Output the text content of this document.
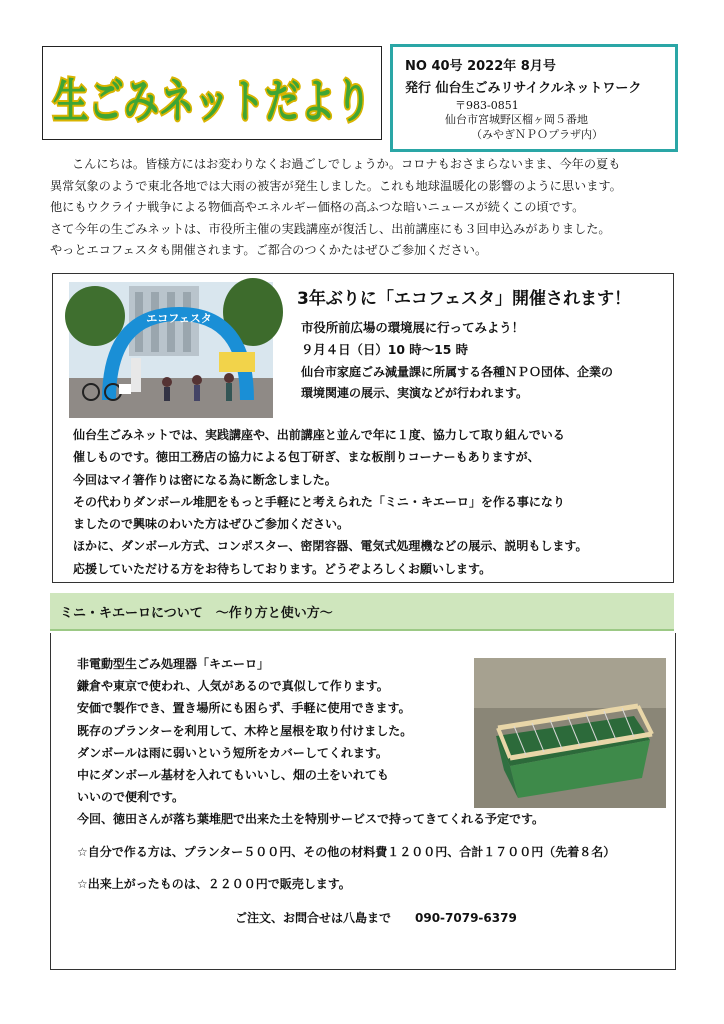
生ごみネットだより
NO 40号 2022年 8月号
発行 仙台生ごみリサイクルネットワーク
〒983-0851
仙台市宮城野区榴ヶ岡５番地
（みやぎＮＰＯプラザ内）

こんにちは。皆様方にはお変わりなくお過ごしでしょうか。コロナもおさまらないまま、今年の夏も

異常気象のようで東北各地では大雨の被害が発生しました。これも地球温暖化の影響のように思います。

他にもウクライナ戦争による物価高やエネルギー価格の高ふつな暗いニュースが続くこの頃です。

さて今年の生ごみネットは、市役所主催の実践講座が復活し、出前講座にも３回申込みがありました。

やっとエコフェスタも開催されます。ご都合のつくかたはぜひご参加ください。

エコフェスタ
3年ぶりに「エコフェスタ」開催されます！
市役所前広場の環境展に行ってみよう！
９月４日（日）10 時～15 時
仙台市家庭ごみ減量課に所属する各種ＮＰＯ団体、企業の
環境関連の展示、実演などが行われます。
仙台生ごみネットでは、実践講座や、出前講座と並んで年に１度、協力して取り組んでいる
催しものです。徳田工務店の協力による包丁研ぎ、まな板削りコーナーもありますが、
今回はマイ箸作りは密になる為に断念しました。
その代わりダンボール堆肥をもっと手軽にと考えられた「ミニ・キエーロ」を作る事になり
ましたので興味のわいた方はぜひご参加ください。
ほかに、ダンボール方式、コンポスター、密閉容器、電気式処理機などの展示、説明もします。
応援していただける方をお待ちしております。どうぞよろしくお願いします。
ミニ・キエーロについて　～作り方と使い方～
非電動型生ごみ処理器「キエーロ」
鎌倉や東京で使われ、人気があるので真似して作ります。
安価で製作でき、置き場所にも困らず、手軽に使用できます。
既存のプランターを利用して、木枠と屋根を取り付けました。
ダンボールは雨に弱いという短所をカバーしてくれます。
中にダンボール基材を入れてもいいし、畑の土をいれても
いいので便利です。
今回、徳田さんが落ち葉堆肥で出来た土を特別サービスで持ってきてくれる予定です。
☆自分で作る方は、プランター５００円、その他の材料費１２００円、合計１７００円（先着８名）
☆出来上がったものは、２２００円で販売します。
ご注文、お問合せは八島まで　　090-7079-6379
